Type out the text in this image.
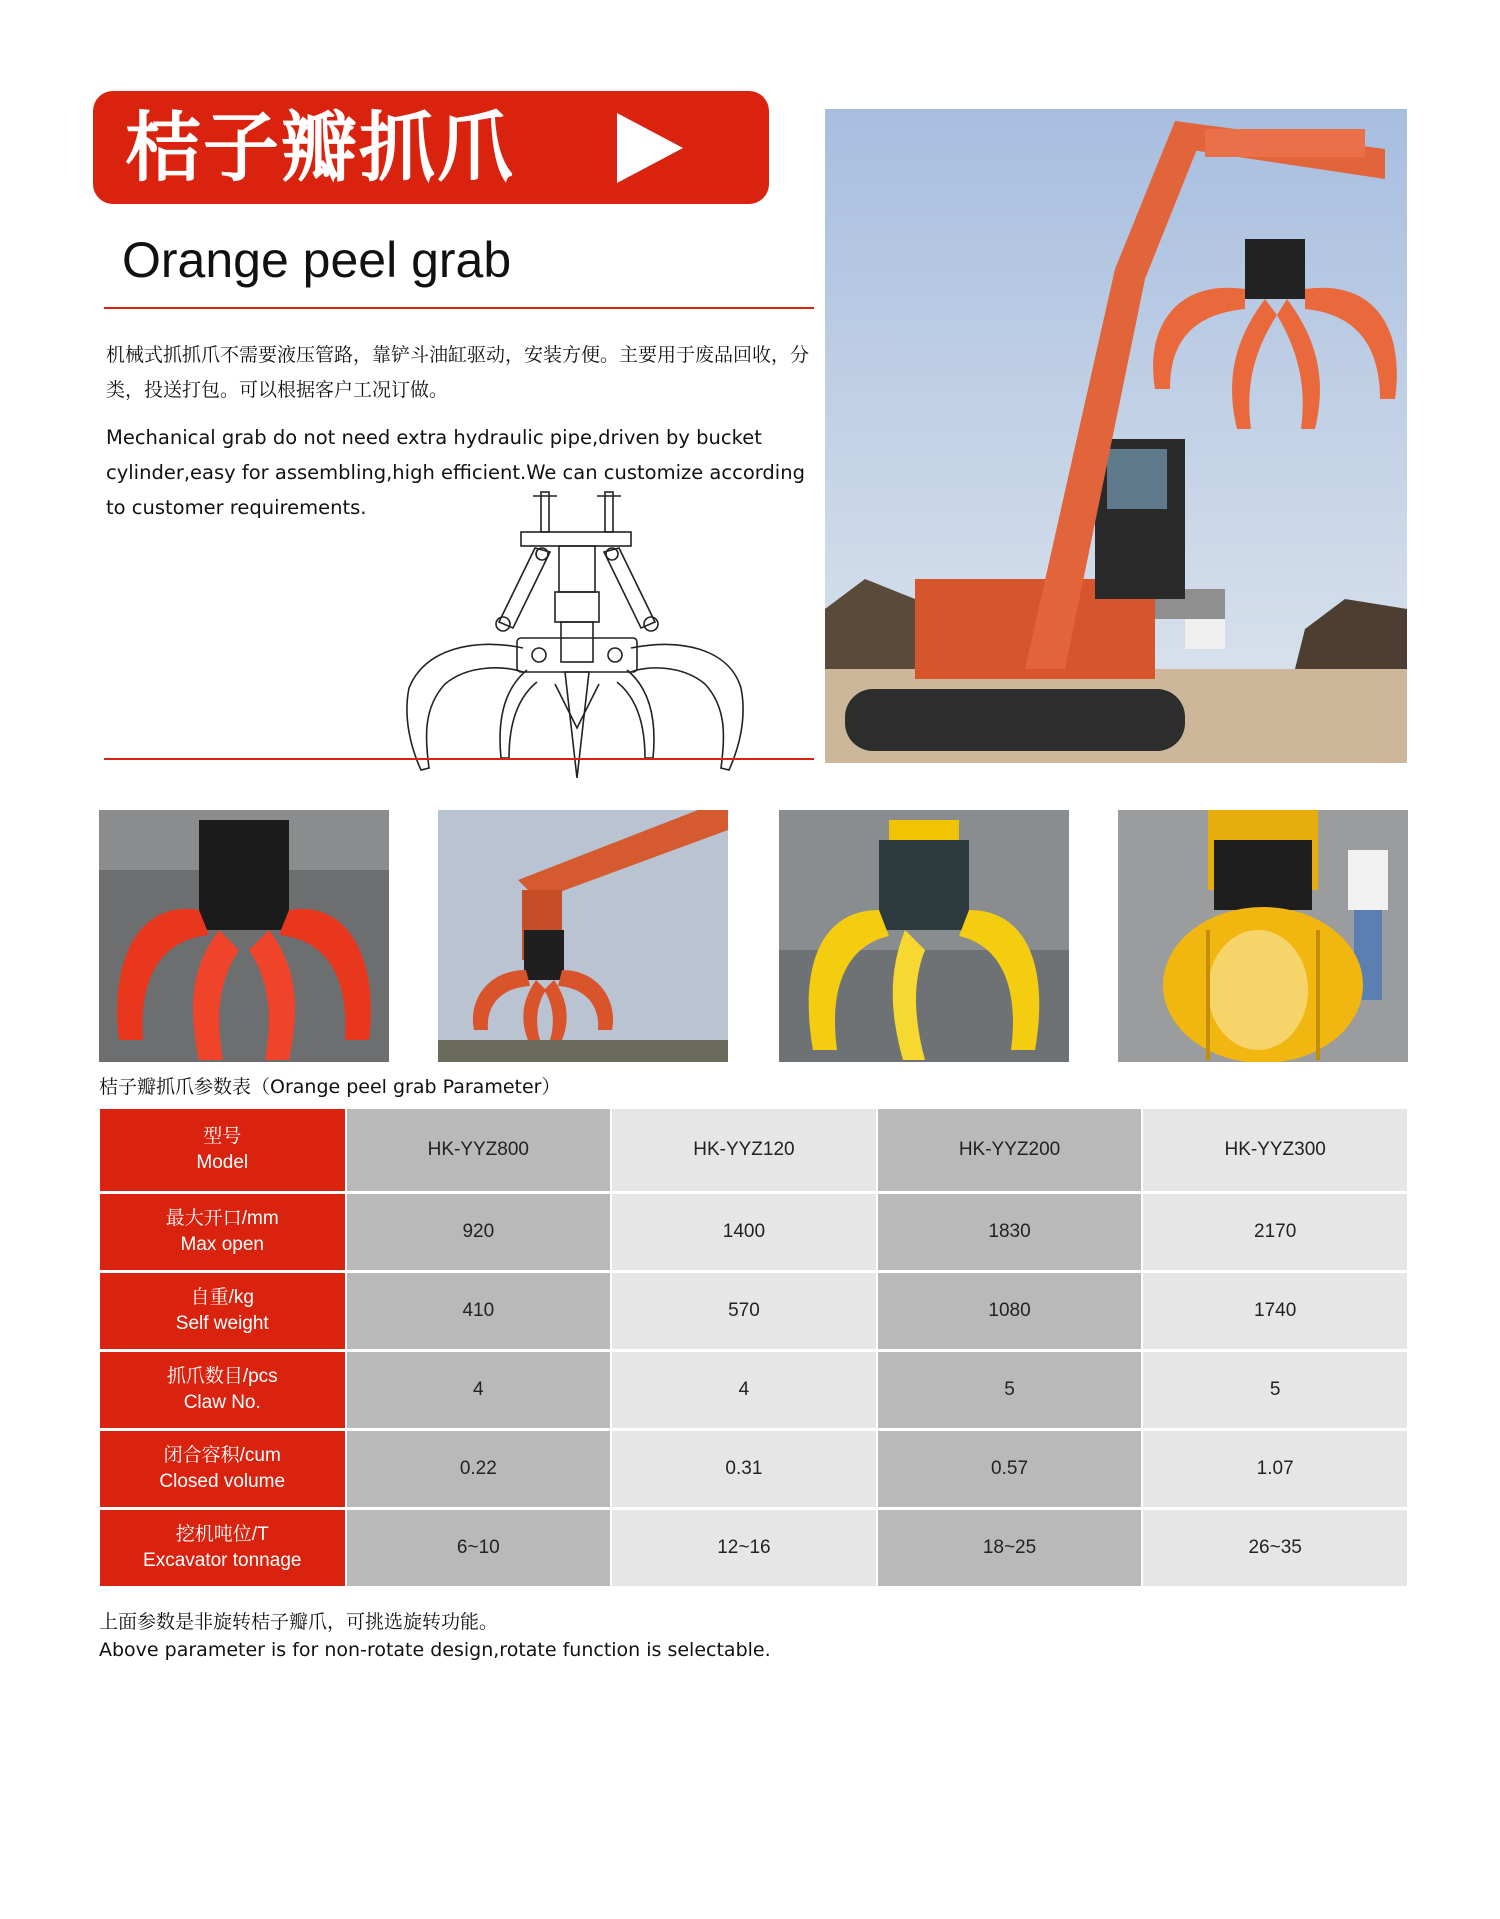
桔子瓣抓爪
Orange peel grab
机械式抓抓爪不需要液压管路，靠铲斗油缸驱动，安装方便。主要用于废品回收，分类，投送打包。可以根据客户工况订做。
Mechanical grab do not need extra hydraulic pipe,driven by bucket cylinder,easy for assembling,high efficient.We can customize according to customer requirements.
桔子瓣抓爪参数表（Orange peel grab Parameter）
型号
Model	HK-YYZ800	HK-YYZ120	HK-YYZ200	HK-YYZ300

最大开口/mm
Max open	920	1400	1830	2170

自重/kg
Self weight	410	570	1080	1740

抓爪数目/pcs
Claw No.	4	4	5	5

闭合容积/cum
Closed volume	0.22	0.31	0.57	1.07

挖机吨位/T
Excavator tonnage	6~10	12~16	18~25	26~35
上面参数是非旋转桔子瓣爪，可挑选旋转功能。
Above parameter is for non-rotate design,rotate function is selectable.
